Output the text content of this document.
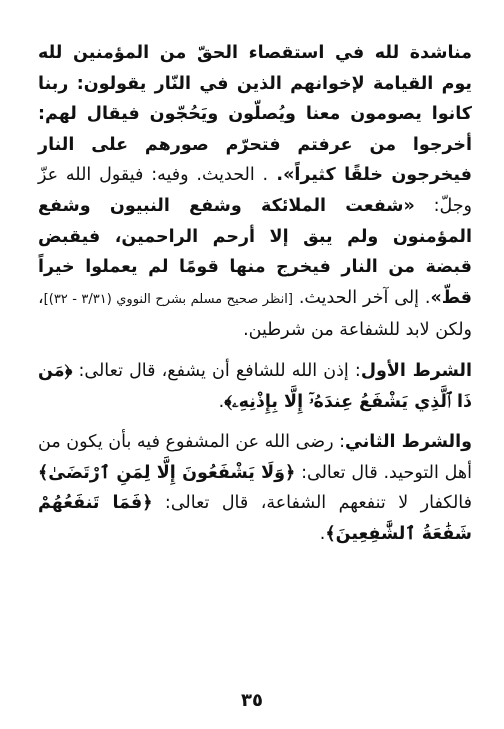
مناشدة لله في استقصاء الحقّ من المؤمنين لله يوم القيامة لإخوانهم الذين في النّار يقولون: ربنا كانوا يصومون معنا ويُصلّون ويَحُجّون فيقال لهم: أخرجوا من عرفتم فتحرّم صورهم على النار فيخرجون خلقًا كثيراً». . الحديث. وفيه: فيقول الله عزّ وجلّ: «شفعت الملائكة وشفع النبيون وشفع المؤمنون ولم يبق إلا أرحم الراحمين، فيقبض قبضة من النار فيخرج منها قومًا لم يعملوا خيراً قطّ». إلى آخر الحديث. [انظر صحيح مسلم بشرح النووي (٣/٣١ - ٣٢)]، ولكن لابد للشفاعة من شرطين.

الشرط الأول: إذن الله للشافع أن يشفع، قال تعالى: ﴿مَن ذَا ٱلَّذِي يَشْفَعُ عِندَهُۥٓ إِلَّا بِإِذْنِهِۦ﴾.

والشرط الثاني: رضى الله عن المشفوع فيه بأن يكون من أهل التوحيد. قال تعالى: ﴿وَلَا يَشْفَعُونَ إِلَّا لِمَنِ ٱرْتَضَىٰ﴾ فالكفار لا تنفعهم الشفاعة، قال تعالى: ﴿فَمَا تَنفَعُهُمْ شَفَٰعَةُ ٱلشَّٰفِعِينَ﴾.

٣٥
